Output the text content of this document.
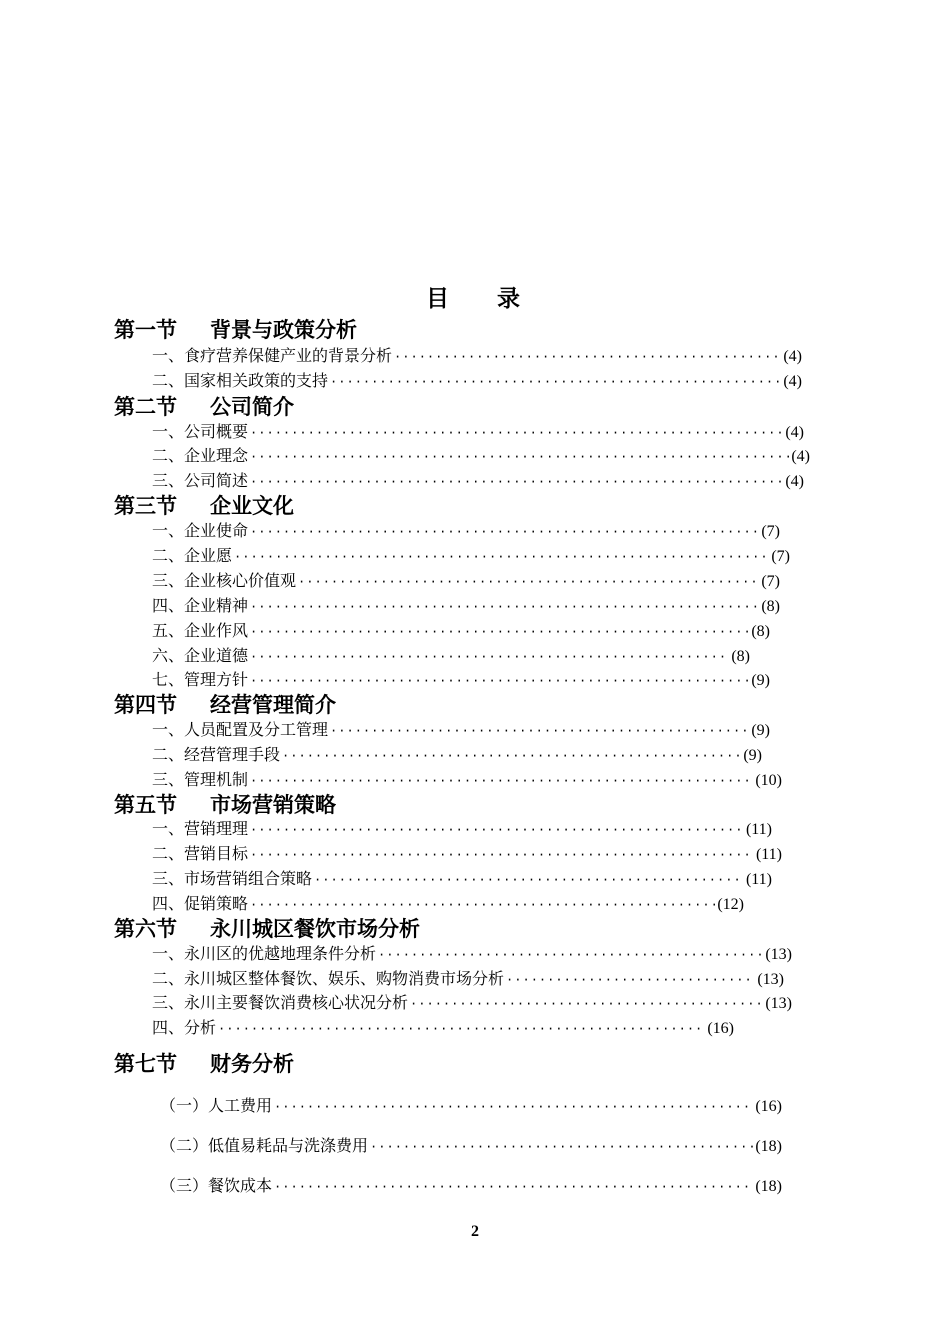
目 录
第一节 背景与政策分析
一、食疗营养保健产业的背景分析 ·····	(4)
二、国家相关政策的支持 ·····	(4)
第二节 公司简介
一、公司概要 ·····	(4)
二、企业理念 ·····	(4)
三、公司简述 ·····	(4)
第三节 企业文化
一、企业使命 ·····	(7)
二、企业愿 ·····	(7)
三、企业核心价值观 ·····	(7)
四、企业精神 ·····	(8)
五、企业作风 ·····	(8)
六、企业道德 ·····	(8)
七、管理方针 ·····	(9)
第四节 经营管理简介
一、人员配置及分工管理 ·····	(9)
二、经营管理手段 ·····	(9)
三、管理机制 ·····	(10)
第五节 市场营销策略
一、营销理理 ·····	(11)
二、营销目标 ·····	(11)
三、市场营销组合策略 ·····	(11)
四、促销策略 ·····	(12)
第六节 永川城区餐饮市场分析
一、永川区的优越地理条件分析 ·····	(13)
二、永川城区整体餐饮、娱乐、购物消费市场分析 ·····	(13)
三、永川主要餐饮消费核心状况分析 ·····	(13)
四、分析 ·····	(16)
第七节 财务分析
（一）人工费用 ·····	(16)
（二）低值易耗品与洗涤费用 ·····	(18)
（三）餐饮成本 ·····	(18)
2
